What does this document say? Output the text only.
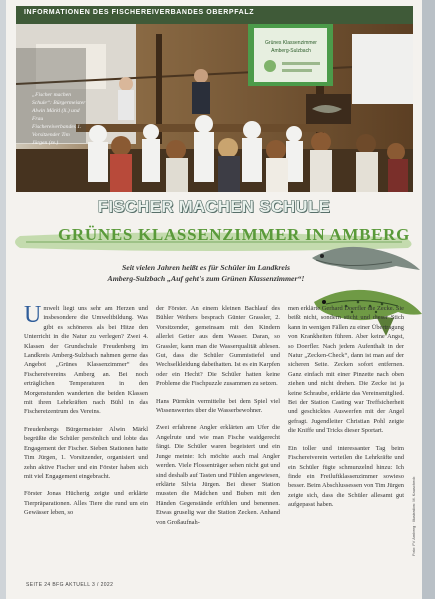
INFORMATIONEN DES FISCHEREIVERBANDES OBERPFALZ
Grünes Klassenzimmer
Amberg-Sulzbach
„Fischer machen Schule“: Bürgermeister Alwin Märkl (li.) und Frau Fischereiverbandes 1. Vorsitzender Tim Jürgen (re.)
FISCHER MACHEN SCHULE
GRÜNES KLASSENZIMMER IN AMBERG
Seit vielen Jahren heißt es für Schüler im Landkreis
Amberg-Sulzbach „Auf geht's zum Grünen Klassenzimmer“!

Umwelt liegt uns sehr am Herzen und insbesondere die Umweltbildung. Was gibt es schöneres als bei Hitze den Unterricht in die Natur zu verlegen? Zwei 4. Klassen der Grundschule Freudenberg im Landkreis Amberg-Sulzbach nahmen gerne das Angebot „Grünes Klassenzimmer“ des Fischereivereins Amberg an. Bei noch erträglichen Temperaturen in den Morgenstunden wanderten die beiden Klassen mit ihren Lehrkräften nach Bühl in das Fischereizentrum des Vereins.

Freudenbergs Bürgermeister Alwin Märkl begrüßte die Schüler persönlich und lobte das Engagement der Fischer. Sieben Stationen hatte Tim Jürgen, 1. Vorsitzender, organisiert und zehn aktive Fischer und ein Förster haben sich mit viel Engagement eingebracht.

Förster Jonas Hücherig zeigte und erklärte Tierpräparationen. Alles Tiere die rund um ein Gewässer leben, so

der Förster. An einem kleinen Bachlauf des Bühler Weihers besprach Günter Grassler, 2. Vorsitzender, gemeinsam mit den Kindern allerlei Getier aus dem Wasser. Daran, so Grassler, kann man die Wasserqualität ablesen. Gut, dass die Schüler Gummistiefel und Wechselkleidung dabeihatten. Ist es ein Karpfen oder ein Hecht? Die Schüler hatten keine Probleme die Fischpuzzle zusammen zu setzen.

Hans Pürmkin vermittelte bei dem Spiel viel Wissenswertes über die Wasserbewohner.

Zwei erfahrene Angler erklärten am Ufer die Angelrute und wie man Fische waidgerecht fängt. Die Schüler waren begeistert und ein Junge meinte: Ich möchte auch mal Angler werden. Viele Flossenträger sehen nicht gut und sind deshalb auf Tasten und Fühlen angewiesen, erklärte Silvia Jürgen. Bei dieser Station mussten die Mädchen und Buben mit den Händen Gegenstände erfühlen und benennen. Etwas gruselig war die Station Zecken. Anhand von Großaufnah-

men erklärte Gerhard Doerfler die Zecke. Sie beißt nicht, sondern sticht und dieser Stich kann in wenigen Fällen zu einer Übertragung von Krankheiten führen. Aber keine Angst, so Doerfler. Nach jedem Aufenthalt in der Natur „Zecken-Check“, dann ist man auf der sicheren Seite. Zecken sofort entfernen. Ganz einfach mit einer Pinzette nach oben ziehen und nicht drehen. Die Zecke ist ja keine Schraube, erklärte das Vereinsmitglied. Bei der Station Casting war Treffsicherheit und geschicktes Auswerfen mit der Angel gefragt. Jugendleiter Christian Pohl zeigte die Kniffe und Tricks dieser Sportart.

Ein toller und interessanter Tag beim Fischereiverein verteilen die Lehrkräfte und ein Schüler fügte schmunzelnd hinzu: Ich finde ein Freiluftklassenzimmer sowieso besser. Beim Abschlussessen von Tim Jürgen zeigte sich, dass die Schüler allesamt gut aufgepasst haben.	Foto: FV Amberg · Illustration: M. Kauscheck
SEITE 24 BFG AKTUELL 3 / 2022
